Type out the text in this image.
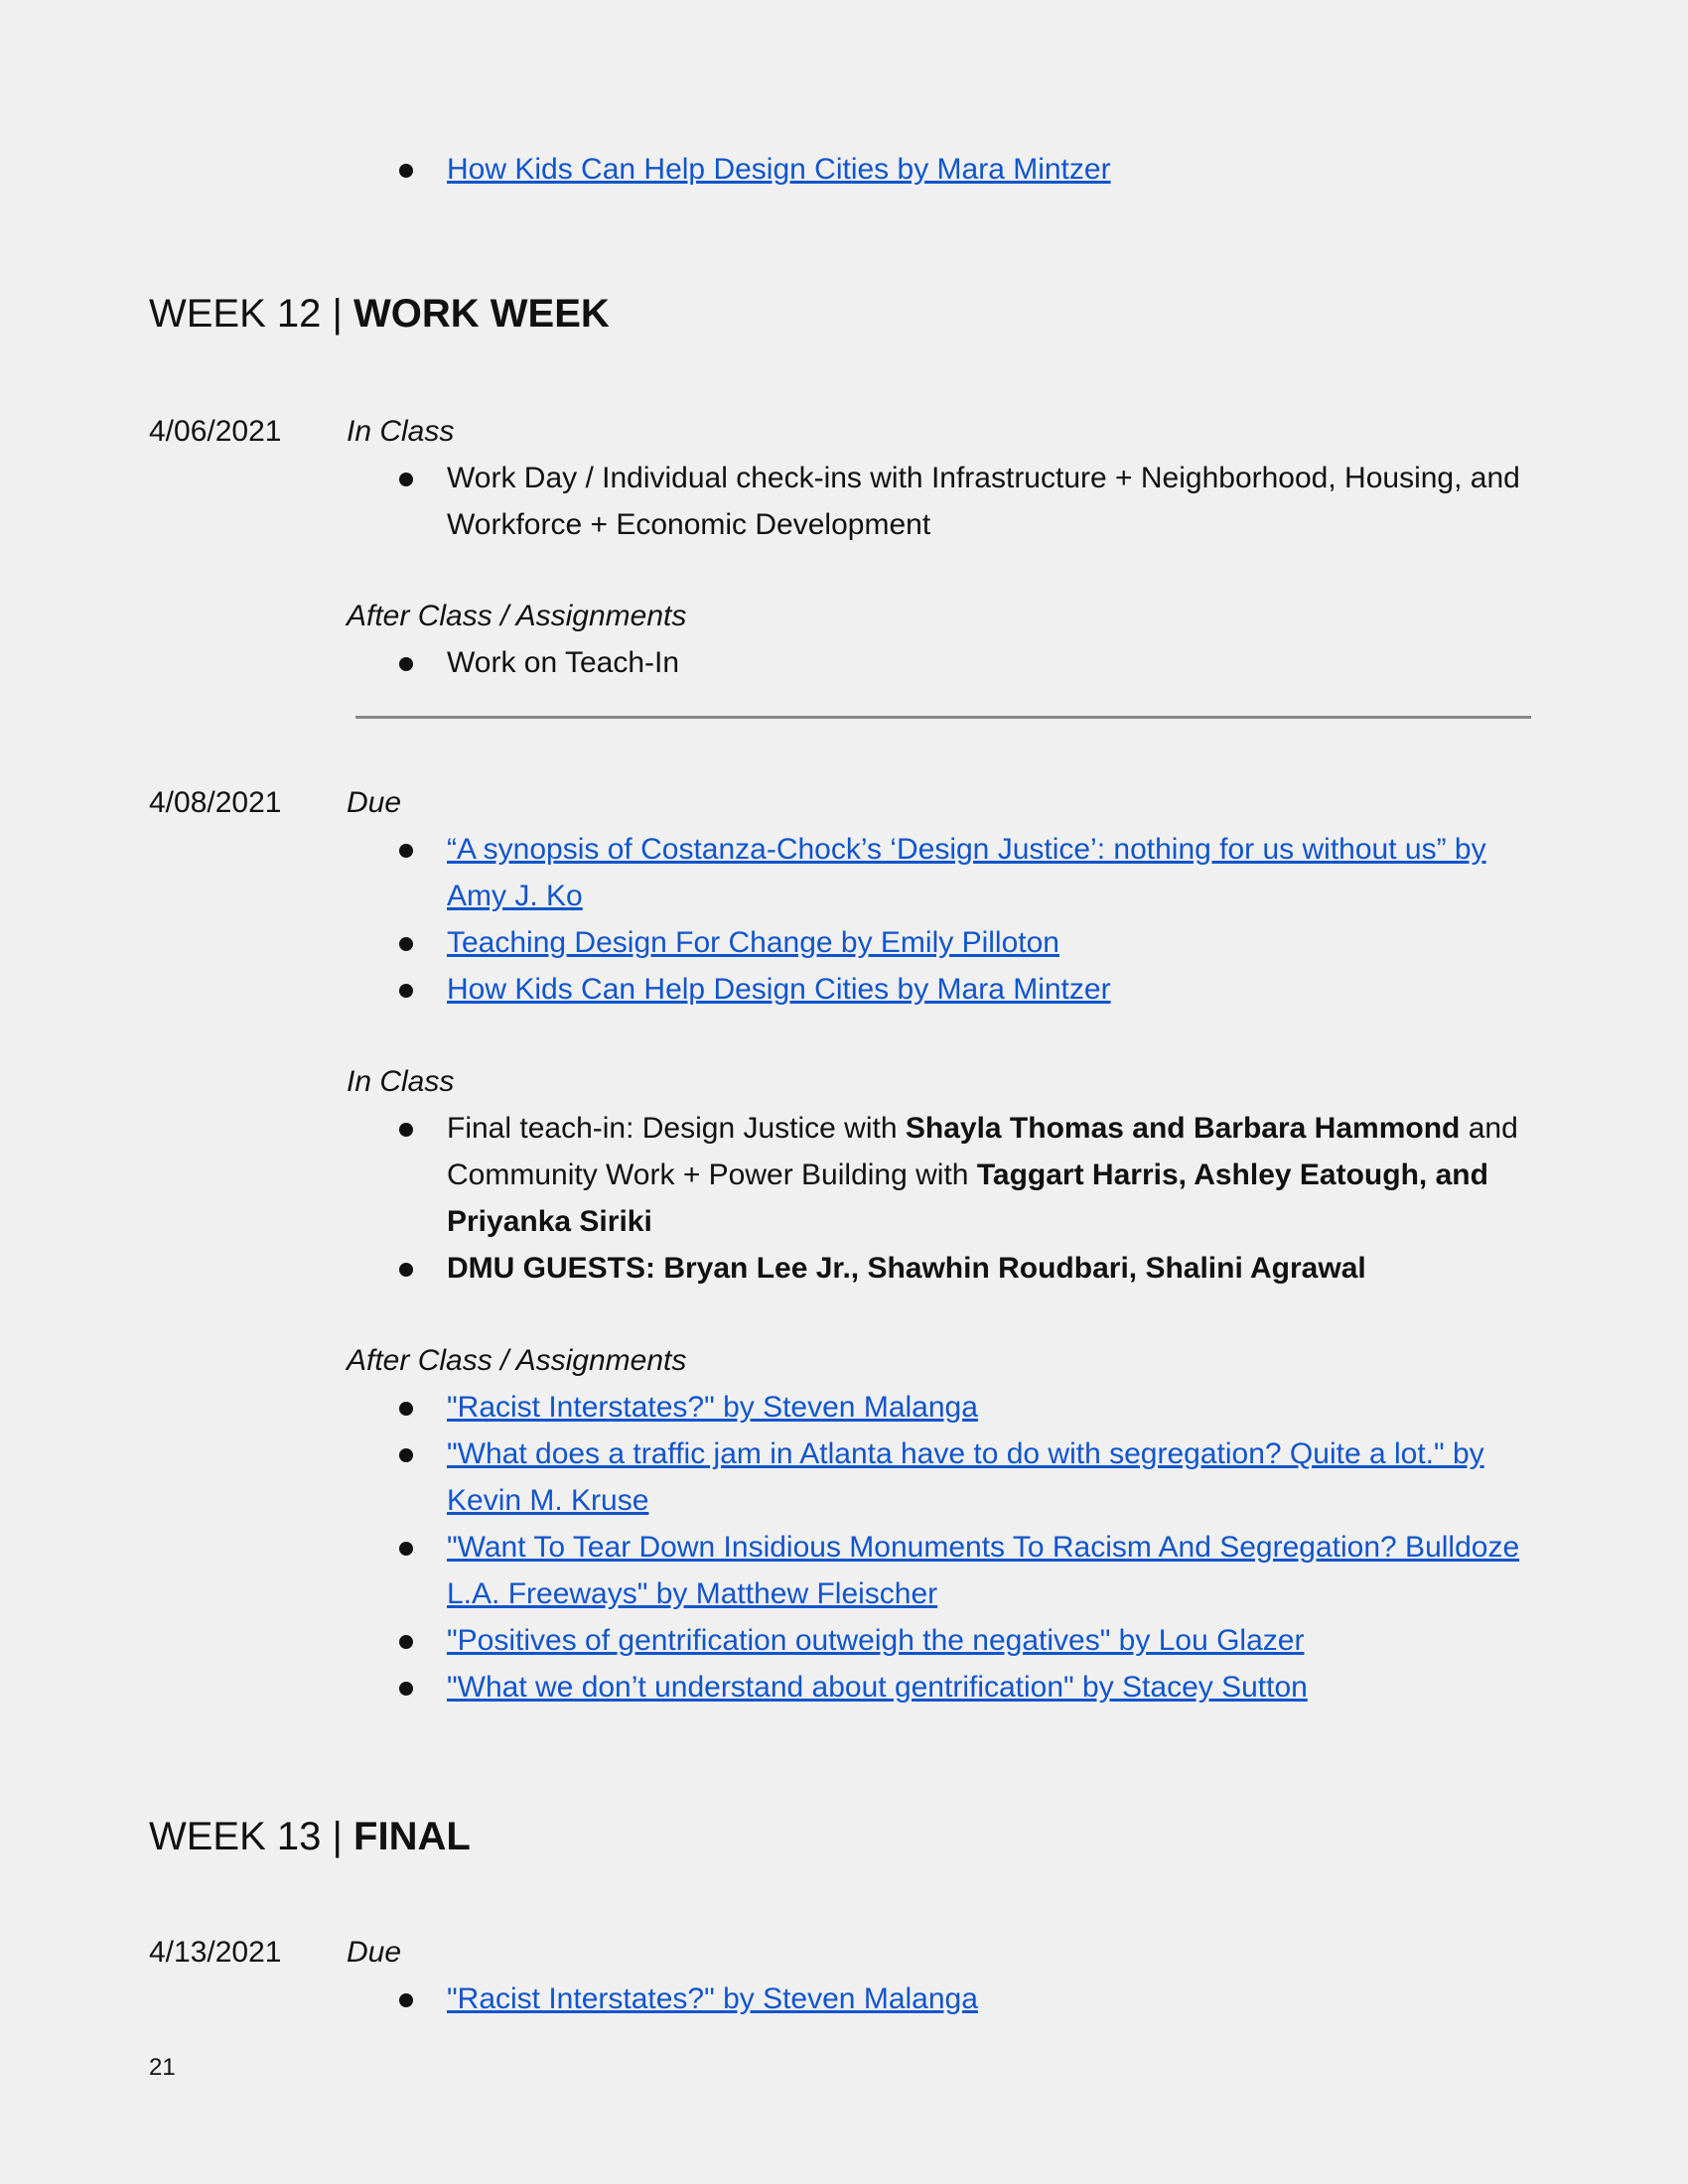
How Kids Can Help Design Cities by Mara Mintzer
WEEK 12 | WORK WEEK
4/06/2021 In Class
Work Day / Individual check-ins with Infrastructure + Neighborhood, Housing, and Workforce + Economic Development
After Class / Assignments
Work on Teach-In
4/08/2021 Due
“A synopsis of Costanza-Chock’s ‘Design Justice’: nothing for us without us” by Amy J. Ko
Teaching Design For Change by Emily Pilloton
How Kids Can Help Design Cities by Mara Mintzer
In Class
Final teach-in: Design Justice with Shayla Thomas and Barbara Hammond and Community Work + Power Building with Taggart Harris, Ashley Eatough, and Priyanka Siriki
DMU GUESTS: Bryan Lee Jr., Shawhin Roudbari, Shalini Agrawal
After Class / Assignments
"Racist Interstates?" by Steven Malanga
"What does a traffic jam in Atlanta have to do with segregation? Quite a lot." by Kevin M. Kruse
"Want To Tear Down Insidious Monuments To Racism And Segregation? Bulldoze L.A. Freeways" by Matthew Fleischer
"Positives of gentrification outweigh the negatives" by Lou Glazer
"What we don’t understand about gentrification" by Stacey Sutton
WEEK 13 | FINAL
4/13/2021 Due
"Racist Interstates?" by Steven Malanga
21
